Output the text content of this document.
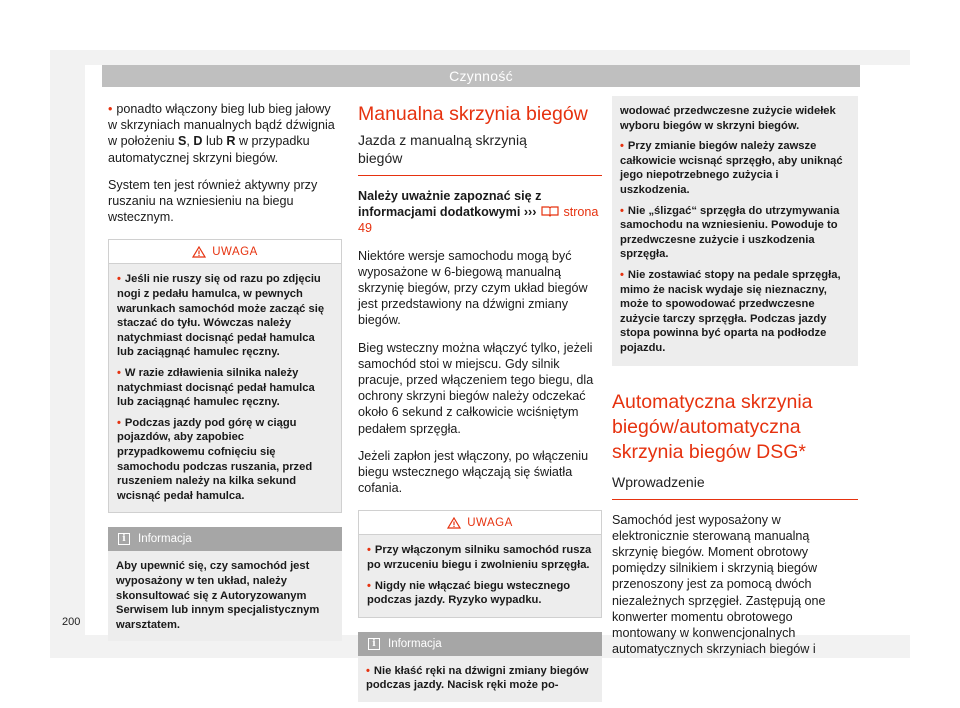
Czynność

• ponadto włączony bieg lub bieg jałowy w skrzyniach manualnych bądź dźwignia w położeniu S, D lub R w przypadku automatycznej skrzyni biegów.

System ten jest również aktywny przy ruszaniu na wzniesieniu na biegu wstecznym.

UWAGA
• Jeśli nie ruszy się od razu po zdjęciu nogi z pedału hamulca, w pewnych warunkach samochód może zacząć się staczać do tyłu. Wówczas należy natychmiast docisnąć pedał hamulca lub zaciągnąć hamulec ręczny.
• W razie zdławienia silnika należy natychmiast docisnąć pedał hamulca lub zaciągnąć hamulec ręczny.
• Podczas jazdy pod górę w ciągu pojazdów, aby zapobiec przypadkowemu cofnięciu się samochodu podczas ruszania, przed ruszeniem należy na kilka sekund wcisnąć pedał hamulca.
i	Informacja
Aby upewnić się, czy samochód jest wyposażony w ten układ, należy skonsultować się z Autoryzowanym Serwisem lub innym specjalistycznym warsztatem.
Manualna skrzynia biegów
Jazda z manualną skrzynią biegów

Należy uważnie zapoznać się z informacjami dodatkowymi ››› strona 49

Niektóre wersje samochodu mogą być wyposażone w 6-biegową manualną skrzynię biegów, przy czym układ biegów jest przedstawiony na dźwigni zmiany biegów.

Bieg wsteczny można włączyć tylko, jeżeli samochód stoi w miejscu. Gdy silnik pracuje, przed włączeniem tego biegu, dla ochrony skrzyni biegów należy odczekać około 6 sekund z całkowicie wciśniętym pedałem sprzęgła.

Jeżeli zapłon jest włączony, po włączeniu biegu wstecznego włączają się światła cofania.

UWAGA
• Przy włączonym silniku samochód rusza po wrzuceniu biegu i zwolnieniu sprzęgła.
• Nigdy nie włączać biegu wstecznego podczas jazdy. Ryzyko wypadku.
i	Informacja
• Nie kłaść ręki na dźwigni zmiany biegów podczas jazdy. Nacisk ręki może po-
wodować przedwczesne zużycie widełek wyboru biegów w skrzyni biegów.
• Przy zmianie biegów należy zawsze całkowicie wcisnąć sprzęgło, aby uniknąć jego niepotrzebnego zużycia i uszkodzenia.
• Nie „ślizgać“ sprzęgła do utrzymywania samochodu na wzniesieniu. Powoduje to przedwczesne zużycie i uszkodzenia sprzęgła.
• Nie zostawiać stopy na pedale sprzęgła, mimo że nacisk wydaje się nieznaczny, może to spowodować przedwczesne zużycie tarczy sprzęgła. Podczas jazdy stopa powinna być oparta na podłodze pojazdu.
Automatyczna skrzynia biegów/automatyczna skrzynia biegów DSG*
Wprowadzenie

Samochód jest wyposażony w elektronicznie sterowaną manualną skrzynię biegów. Moment obrotowy pomiędzy silnikiem i skrzynią biegów przenoszony jest za pomocą dwóch niezależnych sprzęgieł. Zastępują one konwerter momentu obrotowego montowany w konwencjonalnych automatycznych skrzyniach biegów i

200
